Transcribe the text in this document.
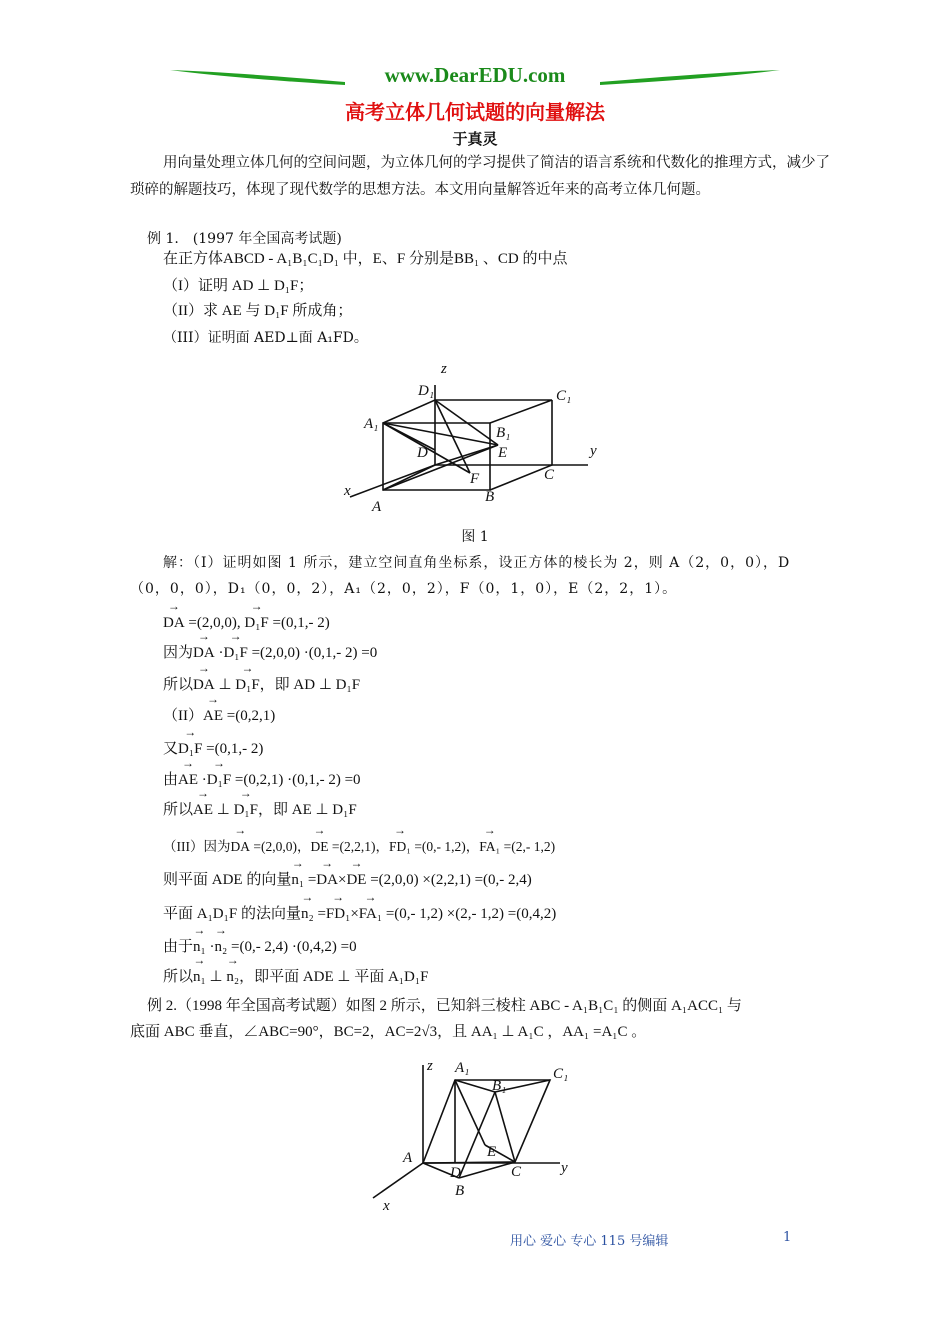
www.DearEDU.com
高考立体几何试题的向量解法
于真灵
用向量处理立体几何的空间问题，为立体几何的学习提供了简洁的语言系统和代数化的推理方式，减少了琐碎的解题技巧，体现了现代数学的思想方法。本文用向量解答近年来的高考立体几何题。
例 1.　(1997 年全国高考试题)
在正方体ABCD - A₁B₁C₁D₁ 中，E、F 分别是BB₁ 、CD 的中点
（I）证明 AD ⊥ D₁F；
（II）求 AE 与 D₁F 所成角；
（III）证明面 AED⊥面 A₁FD。
z
D₁	C₁
A₁
B₁
D	E	y
F	C
B
x
A
图 1
解：（I）证明如图 1 所示，建立空间直角坐标系，设正方体的棱长为 2，则 A（2，0，0），D（0，0，0），D₁（0，0，2），A₁（2，0，2），F（0，1，0），E（2，2，1）。
→ DA =(2,0,0), → D₁F =(0,1,- 2)
因为→ DA ·→ D₁F =(2,0,0) ·(0,1,- 2) =0
所以→ DA ⊥ → D₁F，即 AD ⊥ D₁F
（II）→ AE =(0,2,1)
又→ D₁F =(0,1,- 2)
由→ AE ·→ D₁F =(0,2,1) ·(0,1,- 2) =0
所以→ AE ⊥ → D₁F，即 AE ⊥ D₁F
（III）因为→ DA =(2,0,0)，→ DE =(2,2,1)，→ FD₁ =(0,- 1,2)，→ FA₁ =(2,- 1,2)
则平面 ADE 的向量→ n₁ =→ DA×→ DE =(2,0,0) ×(2,2,1) =(0,- 2,4)
平面 A₁D₁F 的法向量→ n₂ =→ FD₁×→ FA₁ =(0,- 1,2) ×(2,- 1,2) =(0,4,2)
由于→ n₁ ·→ n₂ =(0,- 2,4) ·(0,4,2) =0
所以→ n₁ ⊥ → n₂，即平面 ADE ⊥ 平面 A₁D₁F
例 2.（1998 年全国高考试题）如图 2 所示，已知斜三棱柱 ABC - A₁B₁C₁ 的侧面 A₁ACC₁ 与
底面 ABC 垂直，∠ABC=90°，BC=2，AC=2√3，且 AA₁ ⊥ A₁C ，AA₁ =A₁C 。
z A₁	C₁
B₁
E
A
D	C	y
B
x
用心 爱心 专心 115 号编辑	1
